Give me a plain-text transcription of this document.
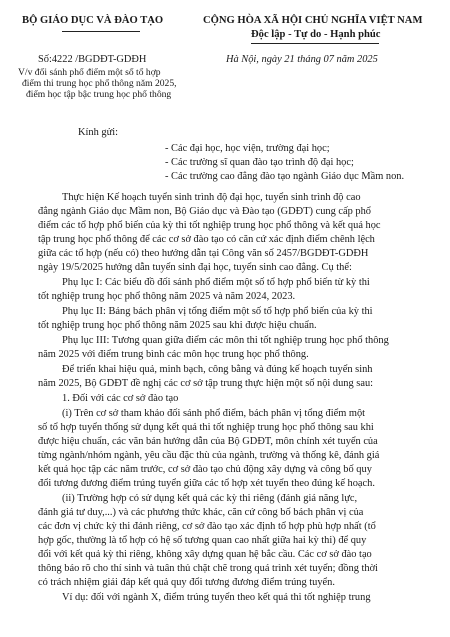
BỘ GIÁO DỤC VÀ ĐÀO TẠO	CỘNG HÒA XÃ HỘI CHỦ NGHĨA VIỆT NAM
Độc lập - Tự do - Hạnh phúc
Số:4222 /BGDĐT-GDĐH	Hà Nội, ngày 21 tháng 07 năm 2025
V/v đối sánh phổ điểm một số tổ hợp
điểm thi trung học phổ thông năm 2025,
điểm học tập bậc trung học phổ thông
Kính gửi:
- Các đại học, học viện, trường đại học;
- Các trường sĩ quan đào tạo trình độ đại học;
- Các trường cao đẳng đào tạo ngành Giáo dục Mầm non.
Thực hiện Kế hoạch tuyển sinh trình độ đại học, tuyển sinh trình độ cao
đẳng ngành Giáo dục Mầm non, Bộ Giáo dục và Đào tạo (GDĐT) cung cấp phổ
điểm các tổ hợp phổ biến của kỳ thi tốt nghiệp trung học phổ thông và kết quả học
tập trung học phổ thông để các cơ sở đào tạo có căn cứ xác định điểm chênh lệch
giữa các tổ hợp (nếu có) theo hướng dẫn tại Công văn số 2457/BGDĐT-GDĐH
ngày 19/5/2025 hướng dẫn tuyển sinh đại học, tuyển sinh cao đẳng. Cụ thể:
Phụ lục I: Các biểu đồ đối sánh phổ điểm một số tổ hợp phổ biến từ kỳ thi
tốt nghiệp trung học phổ thông năm 2025 và năm 2024, 2023.
Phụ lục II: Bảng bách phân vị tổng điểm một số tổ hợp phổ biến của kỳ thi
tốt nghiệp trung học phổ thông năm 2025 sau khi được hiệu chuẩn.
Phụ lục III: Tương quan giữa điểm các môn thi tốt nghiệp trung học phổ thông
năm 2025 với điểm trung bình các môn học trung học phổ thông.
Để triển khai hiệu quả, minh bạch, công bằng và đúng kế hoạch tuyển sinh
năm 2025, Bộ GDĐT đề nghị các cơ sở tập trung thực hiện một số nội dung sau:
1. Đối với các cơ sở đào tạo
(i) Trên cơ sở tham khảo đối sánh phổ điểm, bách phân vị tổng điểm một
số tổ hợp tuyển thống sử dụng kết quả thi tốt nghiệp trung học phổ thông sau khi
được hiệu chuẩn, các văn bản hướng dẫn của Bộ GDĐT, môn chính xét tuyển của
từng ngành/nhóm ngành, yêu cầu đặc thù của ngành, trường và thống kê, đánh giá
kết quả học tập các năm trước, cơ sở đào tạo chủ động xây dựng và công bố quy
đổi tương đương điểm trúng tuyển giữa các tổ hợp xét tuyển theo đúng kế hoạch.
(ii) Trường hợp có sử dụng kết quả các kỳ thi riêng (đánh giá năng lực,
đánh giá tư duy,...) và các phương thức khác, căn cứ công bố bách phân vị của
các đơn vị chức kỳ thi đánh riêng, cơ sở đào tạo xác định tổ hợp phù hợp nhất (tổ
hợp gốc, thường là tổ hợp có hệ số tương quan cao nhất giữa hai kỳ thi) để quy
đổi với kết quả kỳ thi riêng, không xây dựng quan hệ bắc cầu. Các cơ sở đào tạo
thông báo rõ cho thí sinh và tuân thủ chặt chẽ trong quá trình xét tuyển; đồng thời
có trách nhiệm giải đáp kết quả quy đổi tương đương điểm trúng tuyển.
Ví dụ: đối với ngành X, điểm trúng tuyển theo kết quả thi tốt nghiệp trung
